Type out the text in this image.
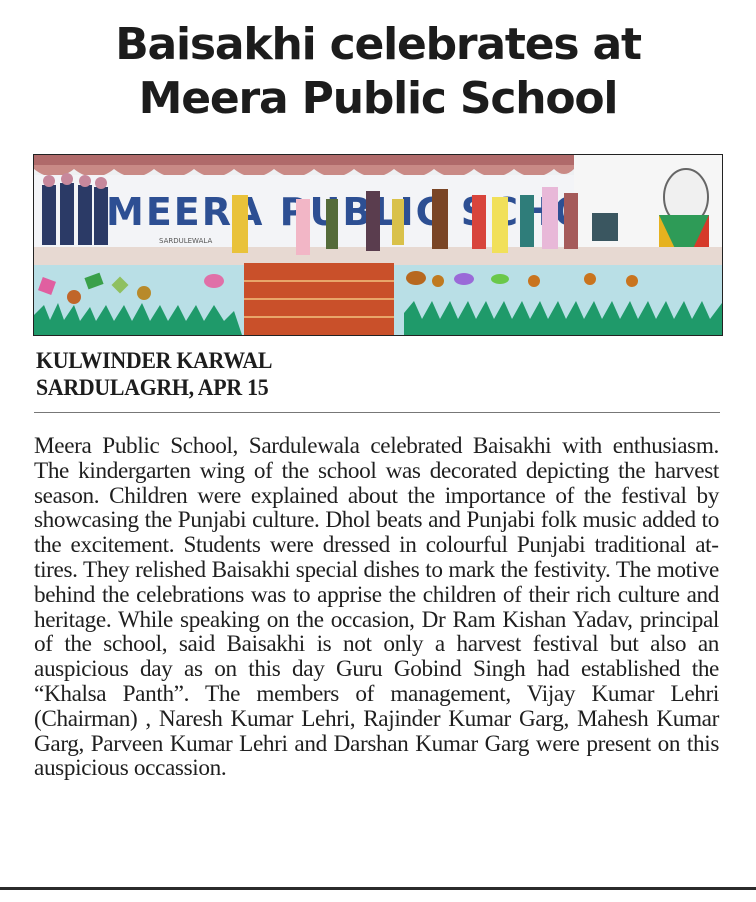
Baisakhi celebrates at
Meera Public School
MEERA PUBLIC
SARDULEWALA
KULWINDER KARWAL
SARDULAGRH, APR 15

Meera Public School, Sardulewala celebrated Baisakhi with enthusiasm. The kindergarten wing of the school was decorated depicting the harvest season. Children were explained about the importance of the festival by showcasing the Punjabi culture. Dhol beats and Punjabi folk music added to the excitement. Students were dressed in colourful Punjabi traditional attires. They relished Baisakhi special dishes to mark the festivity. The motive behind the celebrations was to apprise the children of their rich culture and heritage. While speaking on the occasion, Dr Ram Kishan Yadav, principal of the school, said Baisakhi is not only a harvest festival but also an auspicious day as on this day Guru Gobind Singh had established the “Khalsa Panth”. The members of management, Vijay Kumar Lehri (Chairman) , Naresh Kumar Lehri, Rajinder Kumar Garg, Mahesh Kumar Garg, Parveen Kumar Lehri and Darshan Kumar Garg were present on this auspicious occassion.
